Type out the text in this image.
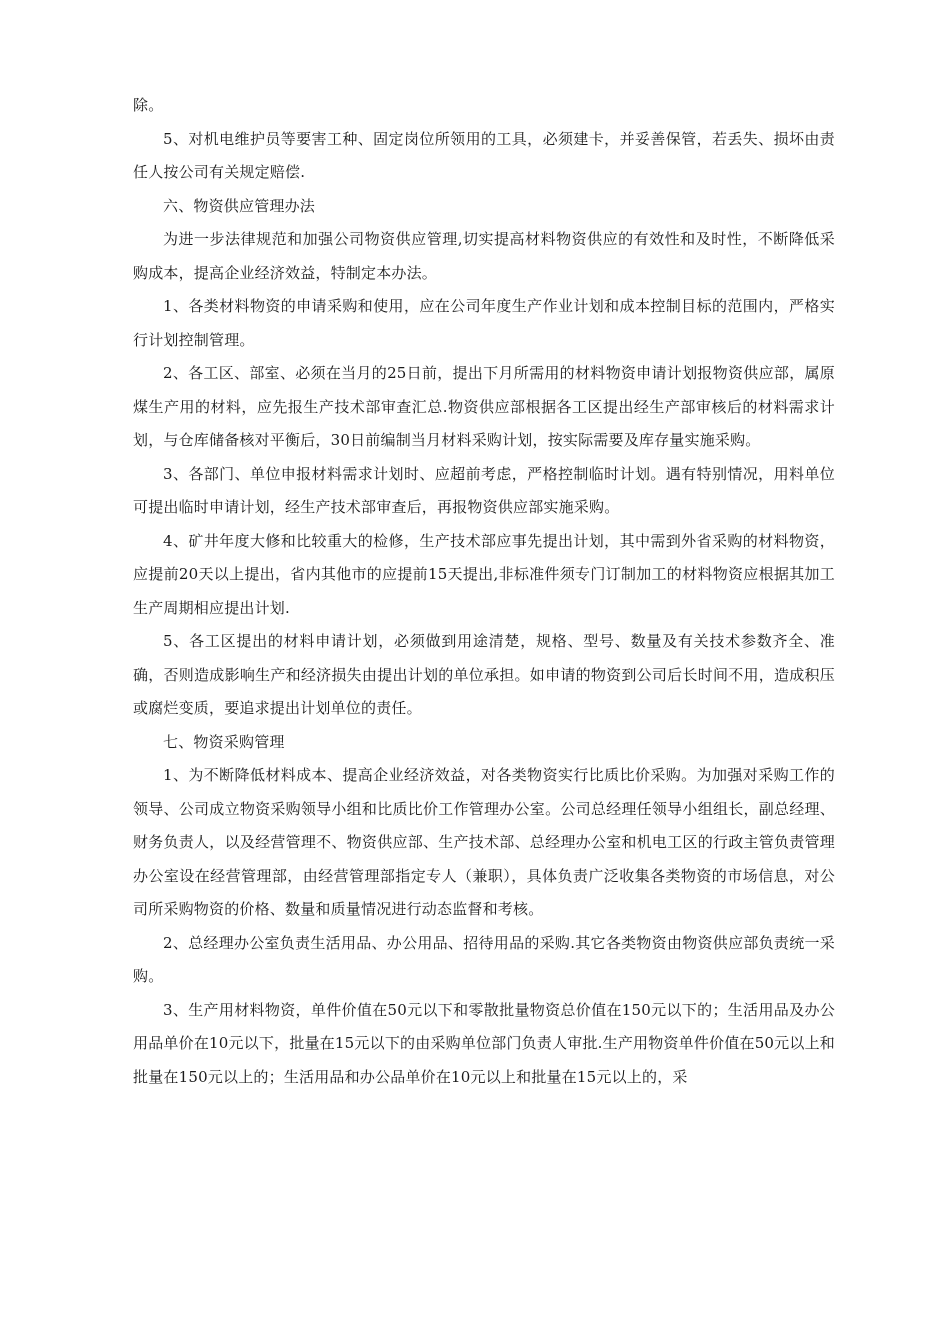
除。

5、对机电维护员等要害工种、固定岗位所领用的工具，必须建卡，并妥善保管，若丢失、损坏由责任人按公司有关规定赔偿.

六、物资供应管理办法

为进一步法律规范和加强公司物资供应管理,切实提高材料物资供应的有效性和及时性，不断降低采购成本，提高企业经济效益，特制定本办法。

1、各类材料物资的申请采购和使用，应在公司年度生产作业计划和成本控制目标的范围内，严格实行计划控制管理。

2、各工区、部室、必须在当月的25日前，提出下月所需用的材料物资申请计划报物资供应部，属原煤生产用的材料，应先报生产技术部审查汇总.物资供应部根据各工区提出经生产部审核后的材料需求计划，与仓库储备核对平衡后，30日前编制当月材料采购计划，按实际需要及库存量实施采购。

3、各部门、单位申报材料需求计划时、应超前考虑，严格控制临时计划。遇有特别情况，用料单位可提出临时申请计划，经生产技术部审查后，再报物资供应部实施采购。

4、矿井年度大修和比较重大的检修，生产技术部应事先提出计划，其中需到外省采购的材料物资，应提前20天以上提出，省内其他市的应提前15天提出,非标准件须专门订制加工的材料物资应根据其加工生产周期相应提出计划.

5、各工区提出的材料申请计划，必须做到用途清楚，规格、型号、数量及有关技术参数齐全、准确，否则造成影响生产和经济损失由提出计划的单位承担。如申请的物资到公司后长时间不用，造成积压或腐烂变质，要追求提出计划单位的责任。

七、物资采购管理

1、为不断降低材料成本、提高企业经济效益，对各类物资实行比质比价采购。为加强对采购工作的领导、公司成立物资采购领导小组和比质比价工作管理办公室。公司总经理任领导小组组长，副总经理、财务负责人，以及经营管理不、物资供应部、生产技术部、总经理办公室和机电工区的行政主管负责管理办公室设在经营管理部，由经营管理部指定专人（兼职），具体负责广泛收集各类物资的市场信息，对公司所采购物资的价格、数量和质量情况进行动态监督和考核。

2、总经理办公室负责生活用品、办公用品、招待用品的采购.其它各类物资由物资供应部负责统一采购。

3、生产用材料物资，单件价值在50元以下和零散批量物资总价值在150元以下的；生活用品及办公用品单价在10元以下，批量在15元以下的由采购单位部门负责人审批.生产用物资单件价值在50元以上和批量在150元以上的；生活用品和办公品单价在10元以上和批量在15元以上的，采
